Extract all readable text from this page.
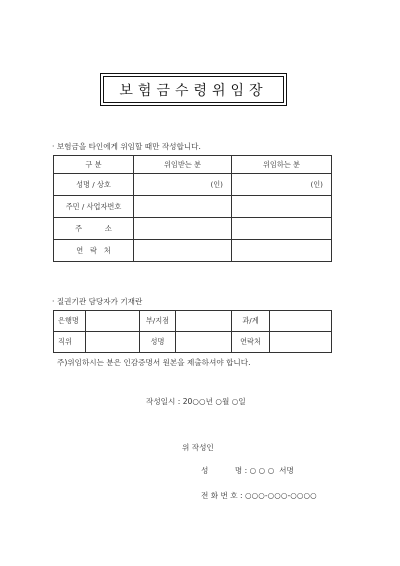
보험금수령위임장
· 보험금을 타인에게 위임할 때만 작성합니다.
구 분	위임받는 분	위임하는 분
성명 / 상호	(인)	(인)
주민 / 사업자번호		
주          소		
연   락   처		
· 질권기관 담당자가 기재란
은행명		부/지점		과/계	
직위		성명		연락처	
주)위임하시는 분은 인감증명서 원본을 제출하셔야 합니다.
작성일시 : 20○○년 ○월 ○일
위 작성인
성           명 : ○ ○ ○  서명
전 화 번 호 : ○○○-○○○-○○○○
